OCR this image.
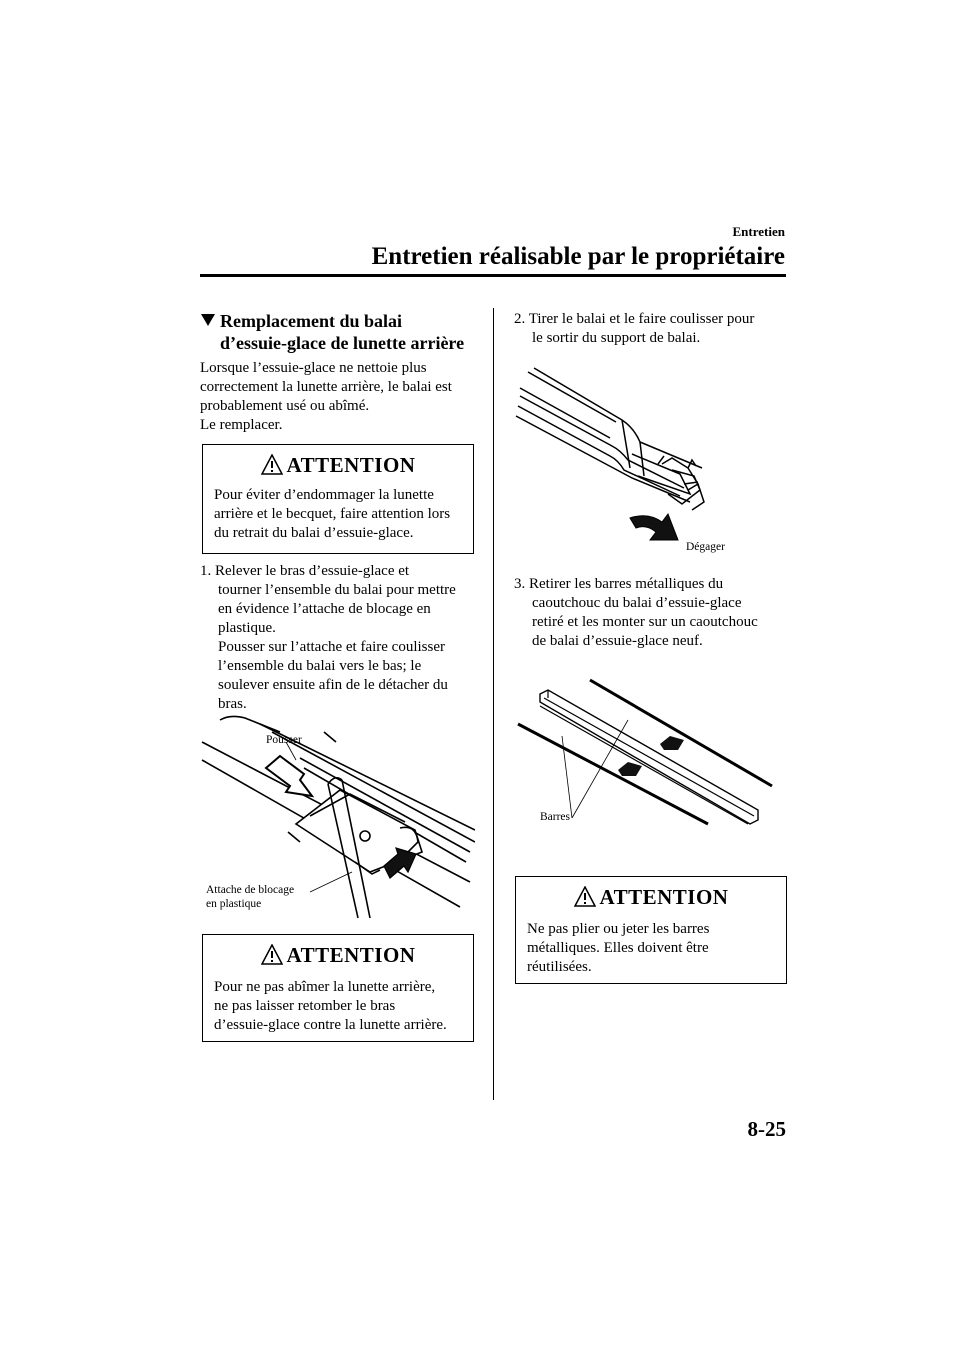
Entretien
Entretien réalisable par le propriétaire
Remplacement du balai
d’essuie-glace de lunette arrière
Lorsque l’essuie-glace ne nettoie plus
correctement la lunette arrière, le balai est
probablement usé ou abîmé.
Le remplacer.
ATTENTION
Pour éviter d’endommager la lunette
arrière et le becquet, faire attention lors
du retrait du balai d’essuie-glace.
1. Relever le bras d’essuie-glace et
tourner l’ensemble du balai pour mettre
en évidence l’attache de blocage en
plastique.
Pousser sur l’attache et faire coulisser
l’ensemble du balai vers le bas; le
soulever ensuite afin de le détacher du
bras.
Pousser
Attache de blocage
en plastique
ATTENTION
Pour ne pas abîmer la lunette arrière,
ne pas laisser retomber le bras
d’essuie-glace contre la lunette arrière.
2. Tirer le balai et le faire coulisser pour
le sortir du support de balai.
Dégager
3. Retirer les barres métalliques du
caoutchouc du balai d’essuie-glace
retiré et les monter sur un caoutchouc
de balai d’essuie-glace neuf.
Barres
ATTENTION
Ne pas plier ou jeter les barres
métalliques. Elles doivent être
réutilisées.
8-25
